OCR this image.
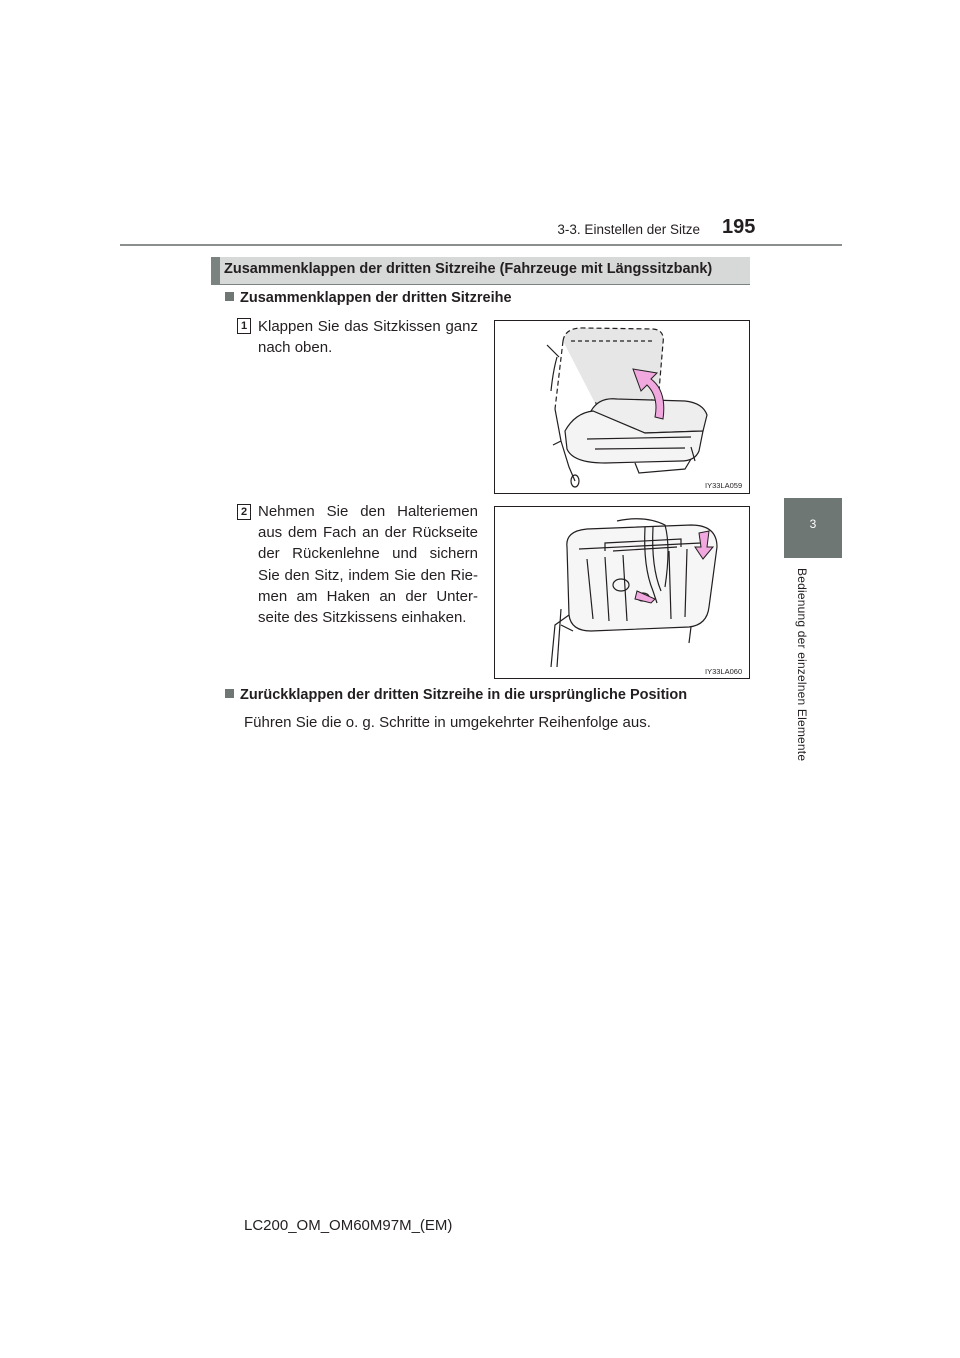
3-3. Einstellen der Sitze 195
3
Bedienung der einzelnen Elemente
Zusammenklappen der dritten Sitzreihe (Fahrzeuge mit Längssitzbank)
Zusammenklappen der dritten Sitzreihe
1 Klappen Sie das Sitzkissen ganz nach oben.
IY33LA059
2 Nehmen Sie den Halteriemen aus dem Fach an der Rückseite der Rückenlehne und sichern Sie den Sitz, indem Sie den Rie-men am Haken an der Unter-seite des Sitzkissens einhaken.
IY33LA060
Zurückklappen der dritten Sitzreihe in die ursprüngliche Position
Führen Sie die o. g. Schritte in umgekehrter Reihenfolge aus.
LC200_OM_OM60M97M_(EM)
